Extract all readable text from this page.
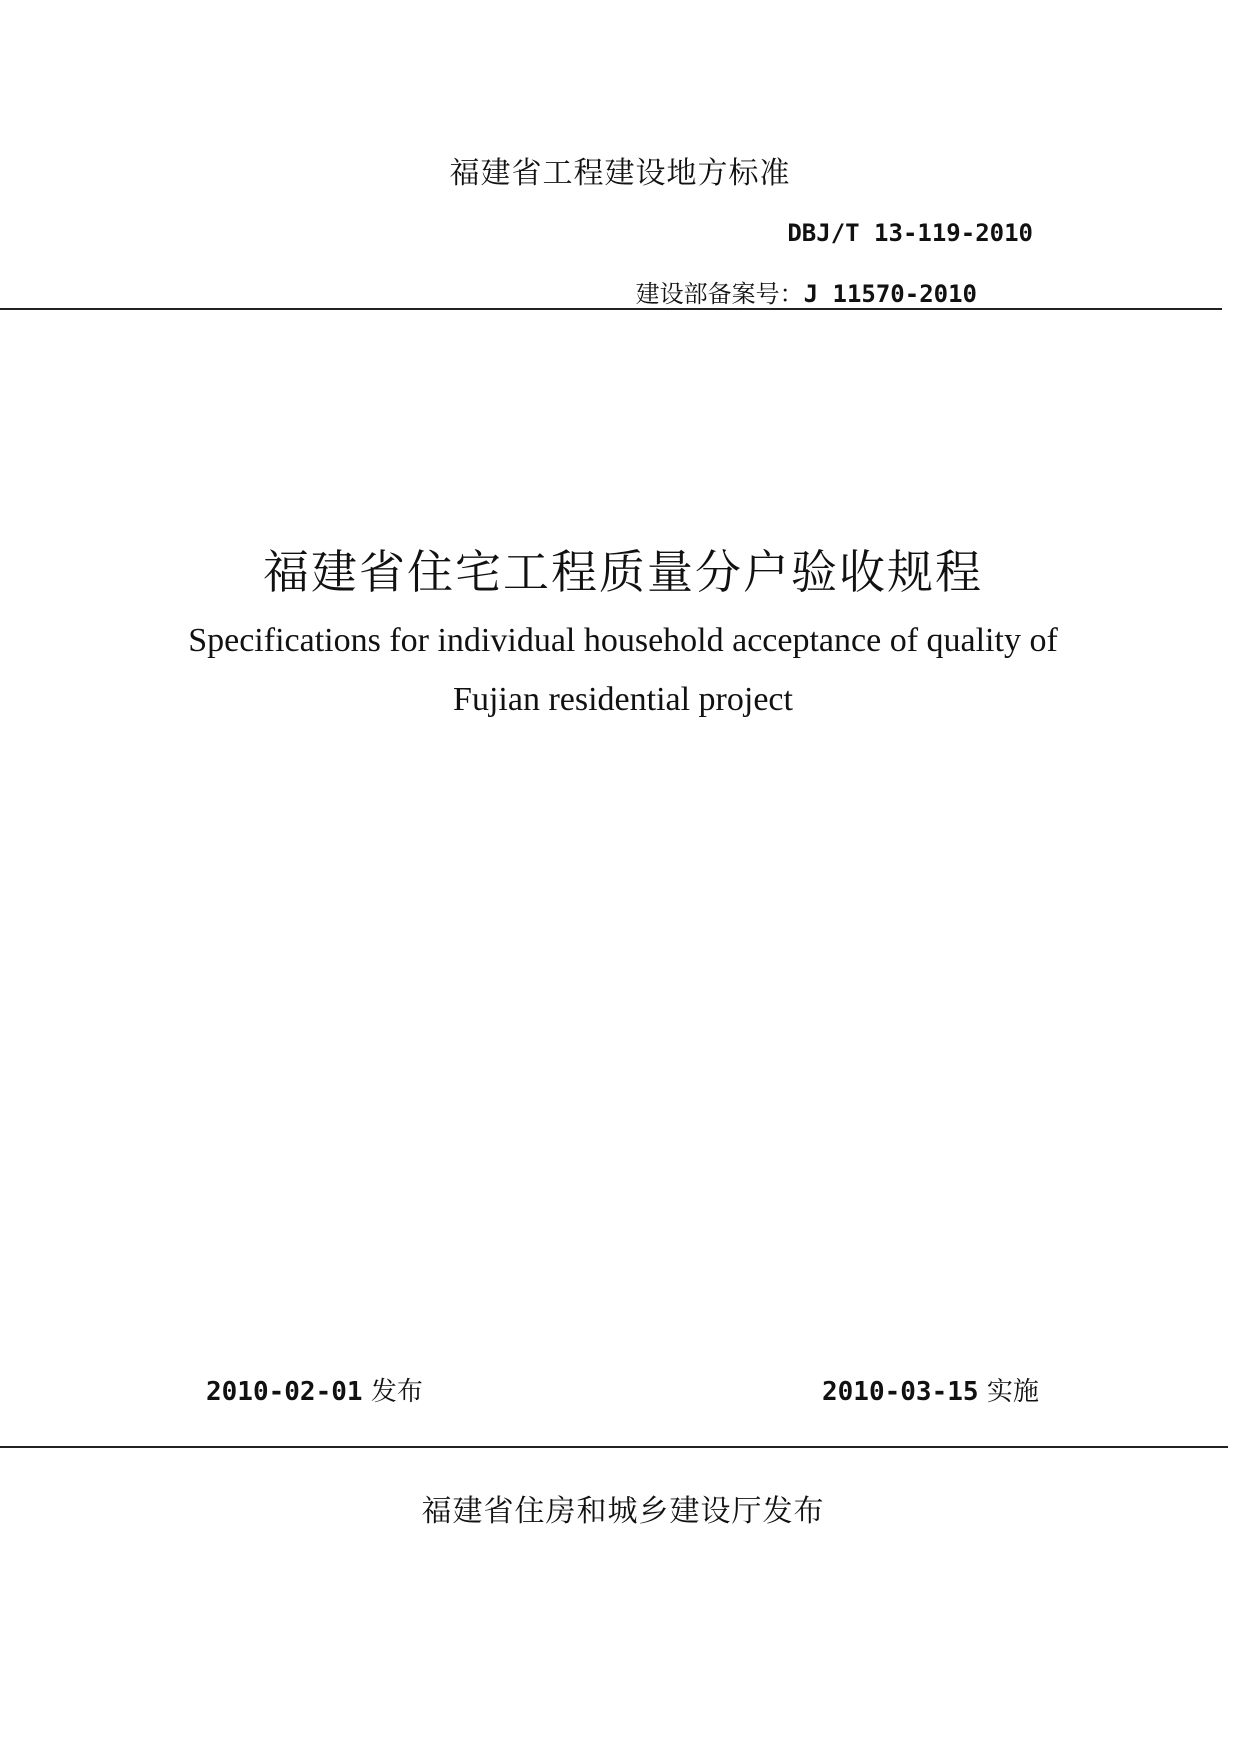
福建省工程建设地方标准
DBJ/T 13-119-2010
建设部备案号：J 11570-2010
福建省住宅工程质量分户验收规程
Specifications for individual household acceptance of quality of
Fujian residential project
2010-02-01 发布	2010-03-15 实施
福建省住房和城乡建设厅发布
